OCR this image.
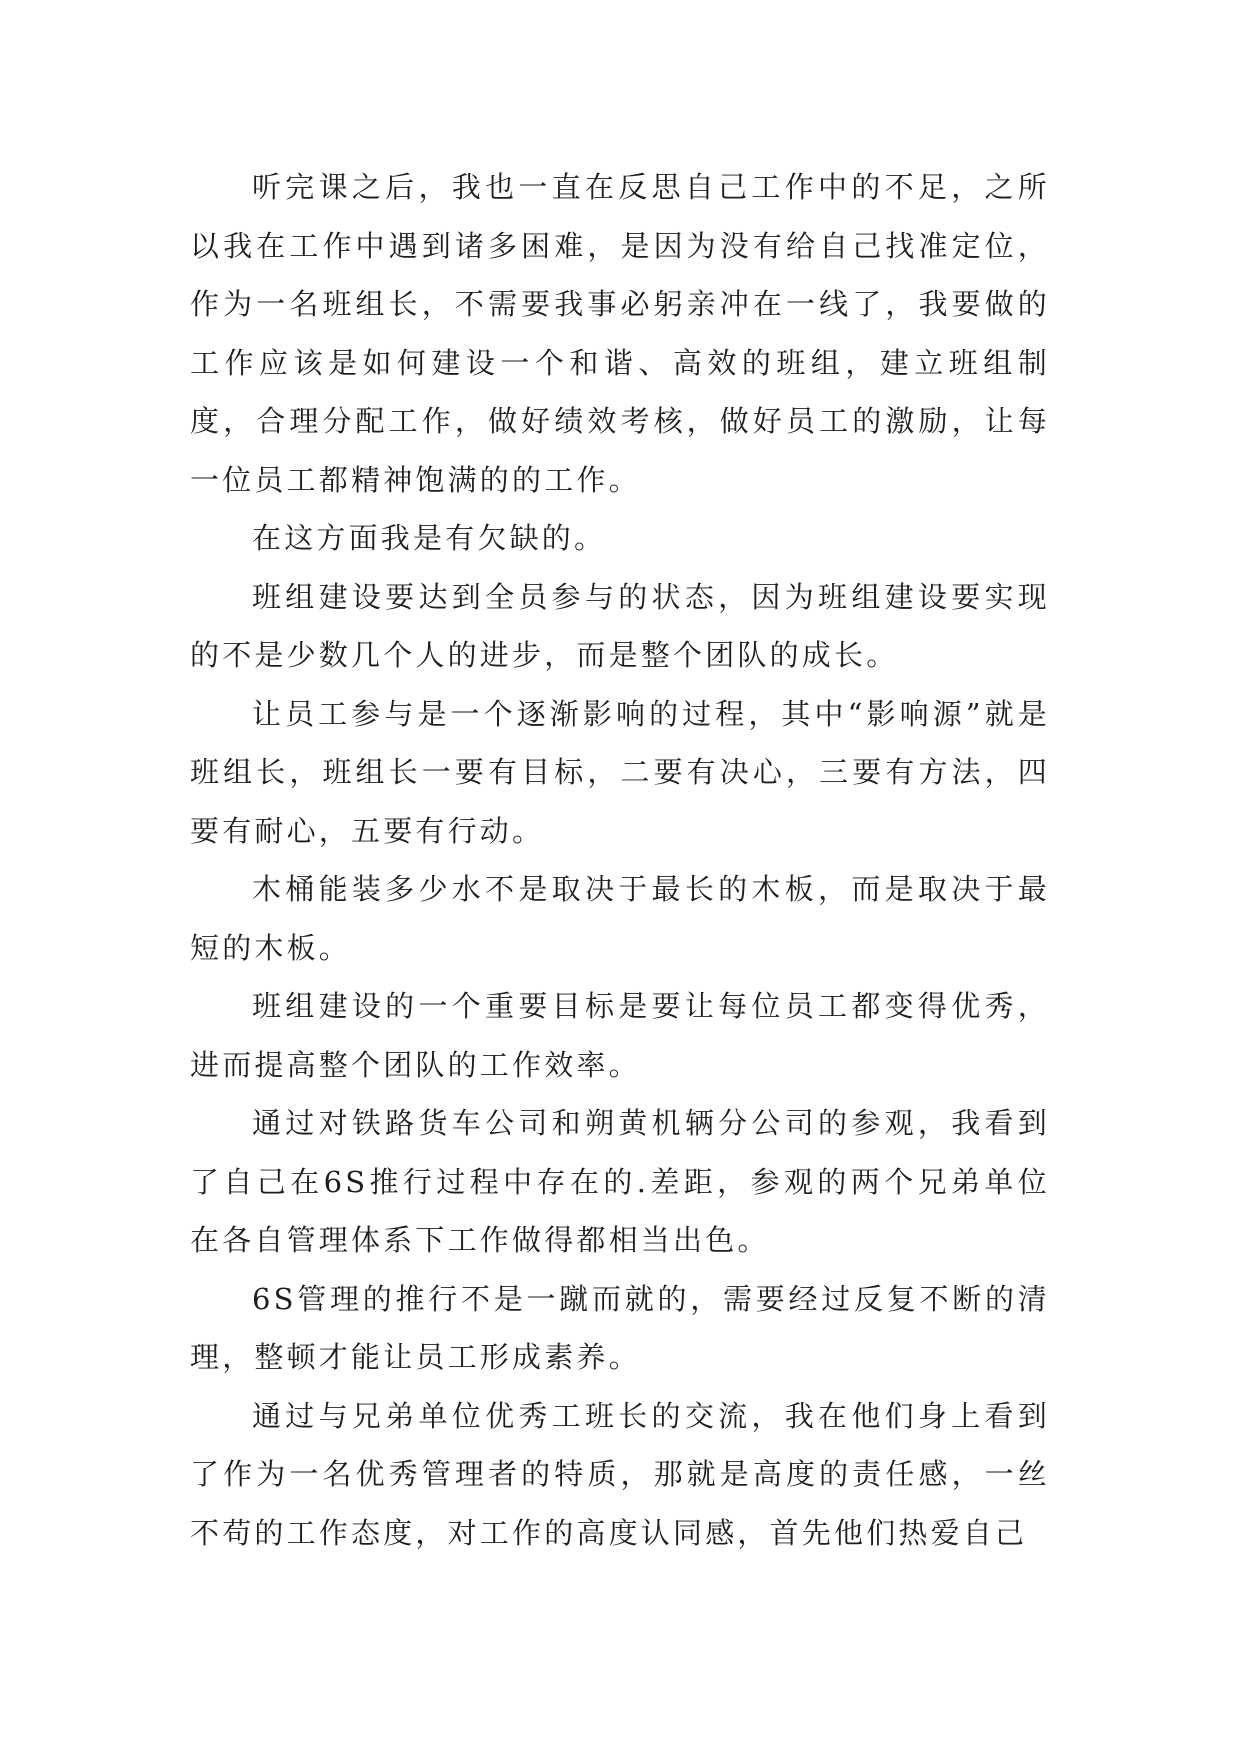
听完课之后，我也一直在反思自己工作中的不足，之所以我在工作中遇到诸多困难，是因为没有给自己找准定位，作为一名班组长，不需要我事必躬亲冲在一线了，我要做的工作应该是如何建设一个和谐、高效的班组，建立班组制度，合理分配工作，做好绩效考核，做好员工的激励，让每一位员工都精神饱满的的工作。

在这方面我是有欠缺的。

班组建设要达到全员参与的状态，因为班组建设要实现的不是少数几个人的进步，而是整个团队的成长。

让员工参与是一个逐渐影响的过程，其中“影响源”就是班组长，班组长一要有目标，二要有决心，三要有方法，四要有耐心，五要有行动。

木桶能装多少水不是取决于最长的木板，而是取决于最短的木板。

班组建设的一个重要目标是要让每位员工都变得优秀，进而提高整个团队的工作效率。

通过对铁路货车公司和朔黄机辆分公司的参观，我看到了自己在6S推行过程中存在的.差距，参观的两个兄弟单位在各自管理体系下工作做得都相当出色。

6S管理的推行不是一蹴而就的，需要经过反复不断的清理，整顿才能让员工形成素养。

通过与兄弟单位优秀工班长的交流，我在他们身上看到了作为一名优秀管理者的特质，那就是高度的责任感，一丝不苟的工作态度，对工作的高度认同感，首先他们热爱自己
